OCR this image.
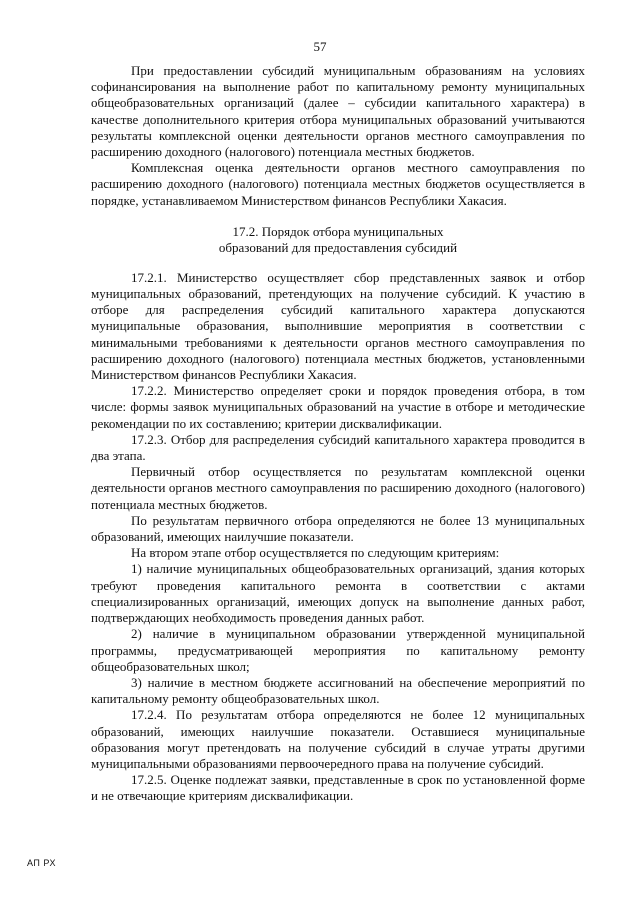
57

При предоставлении субсидий муниципальным образованиям на условиях софинансирования на выполнение работ по капитальному ремонту муниципальных общеобразовательных организаций (далее – субсидии капитального характера) в качестве дополнительного критерия отбора муниципальных образований учитываются результаты комплексной оценки деятельности органов местного самоуправления по расширению доходного (налогового) потенциала местных бюджетов.

Комплексная оценка деятельности органов местного самоуправления по расширению доходного (налогового) потенциала местных бюджетов осуществляется в порядке, устанавливаемом Министерством финансов Республики Хакасия.

17.2. Порядок отбора муниципальных
образований для предоставления субсидий

17.2.1. Министерство осуществляет сбор представленных заявок и отбор муниципальных образований, претендующих на получение субсидий. К участию в отборе для распределения субсидий капитального характера допускаются муниципальные образования, выполнившие мероприятия в соответствии с минимальными требованиями к деятельности органов местного самоуправления по расширению доходного (налогового) потенциала местных бюджетов, установленными Министерством финансов Республики Хакасия.

17.2.2. Министерство определяет сроки и порядок проведения отбора, в том числе: формы заявок муниципальных образований на участие в отборе и методические рекомендации по их составлению; критерии дисквалификации.

17.2.3. Отбор для распределения субсидий капитального характера проводится в два этапа.

Первичный отбор осуществляется по результатам комплексной оценки деятельности органов местного самоуправления по расширению доходного (налогового) потенциала местных бюджетов.

По результатам первичного отбора определяются не более 13 муниципальных образований, имеющих наилучшие показатели.

На втором этапе отбор осуществляется по следующим критериям:

1) наличие муниципальных общеобразовательных организаций, здания которых требуют проведения капитального ремонта в соответствии с актами специализированных организаций, имеющих допуск на выполнение данных работ, подтверждающих необходимость проведения данных работ.

2) наличие в муниципальном образовании утвержденной муниципальной программы, предусматривающей мероприятия по капитальному ремонту общеобразовательных школ;

3) наличие в местном бюджете ассигнований на обеспечение мероприятий по капитальному ремонту общеобразовательных школ.

17.2.4. По результатам отбора определяются не более 12 муниципальных образований, имеющих наилучшие показатели. Оставшиеся муниципальные образования могут претендовать на получение субсидий в случае утраты другими муниципальными образованиями первоочередного права на получение субсидий.

17.2.5. Оценке подлежат заявки, представленные в срок по установленной форме и не отвечающие критериям дисквалификации.

АП РХ
